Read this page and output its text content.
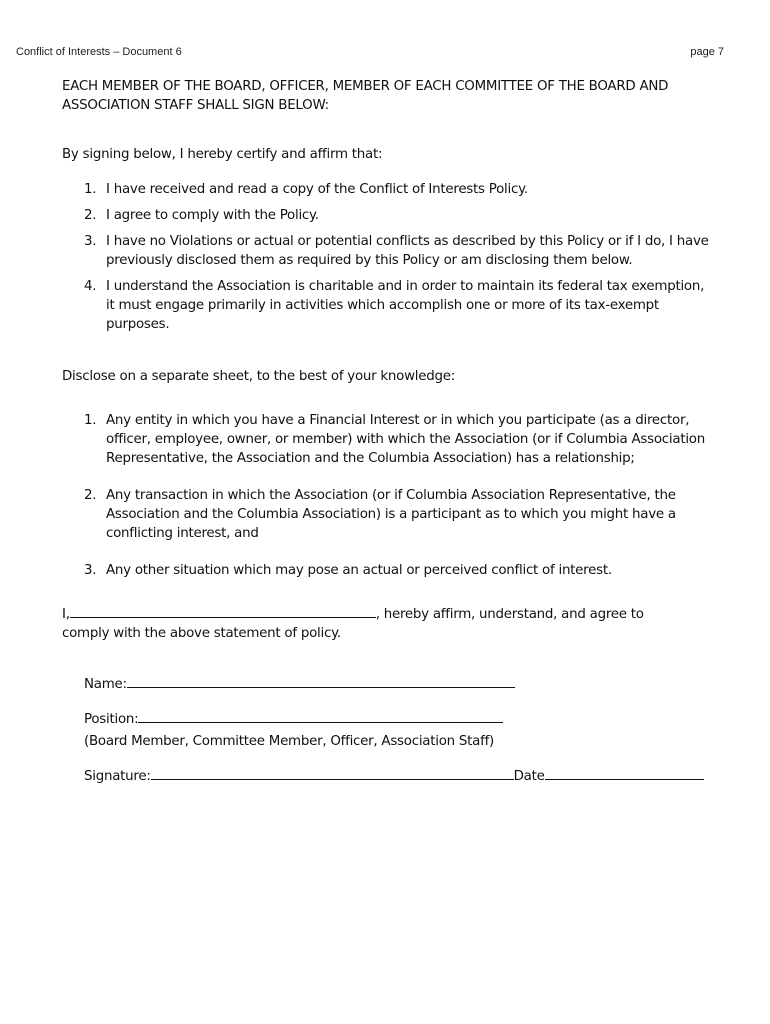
Conflict of Interests – Document 6	page 7

EACH MEMBER OF THE BOARD, OFFICER, MEMBER OF EACH COMMITTEE OF THE BOARD AND ASSOCIATION STAFF SHALL SIGN BELOW:

By signing below, I hereby certify and affirm that:

1. I have received and read a copy of the Conflict of Interests Policy.
2. I agree to comply with the Policy.
3. I have no Violations or actual or potential conflicts as described by this Policy or if I do, I have previously disclosed them as required by this Policy or am disclosing them below.
4. I understand the Association is charitable and in order to maintain its federal tax exemption, it must engage primarily in activities which accomplish one or more of its tax-exempt purposes.

Disclose on a separate sheet, to the best of your knowledge:

1. Any entity in which you have a Financial Interest or in which you participate (as a director, officer, employee, owner, or member) with which the Association (or if Columbia Association Representative, the Association and the Columbia Association) has a relationship;
2. Any transaction in which the Association (or if Columbia Association Representative, the Association and the Columbia Association) is a participant as to which you might have a conflicting interest, and
3. Any other situation which may pose an actual or perceived conflict of interest.

I,	, hereby affirm, understand, and agree to
comply with the above statement of policy.

Name:

Position:

(Board Member, Committee Member, Officer, Association Staff)

Signature:	Date
